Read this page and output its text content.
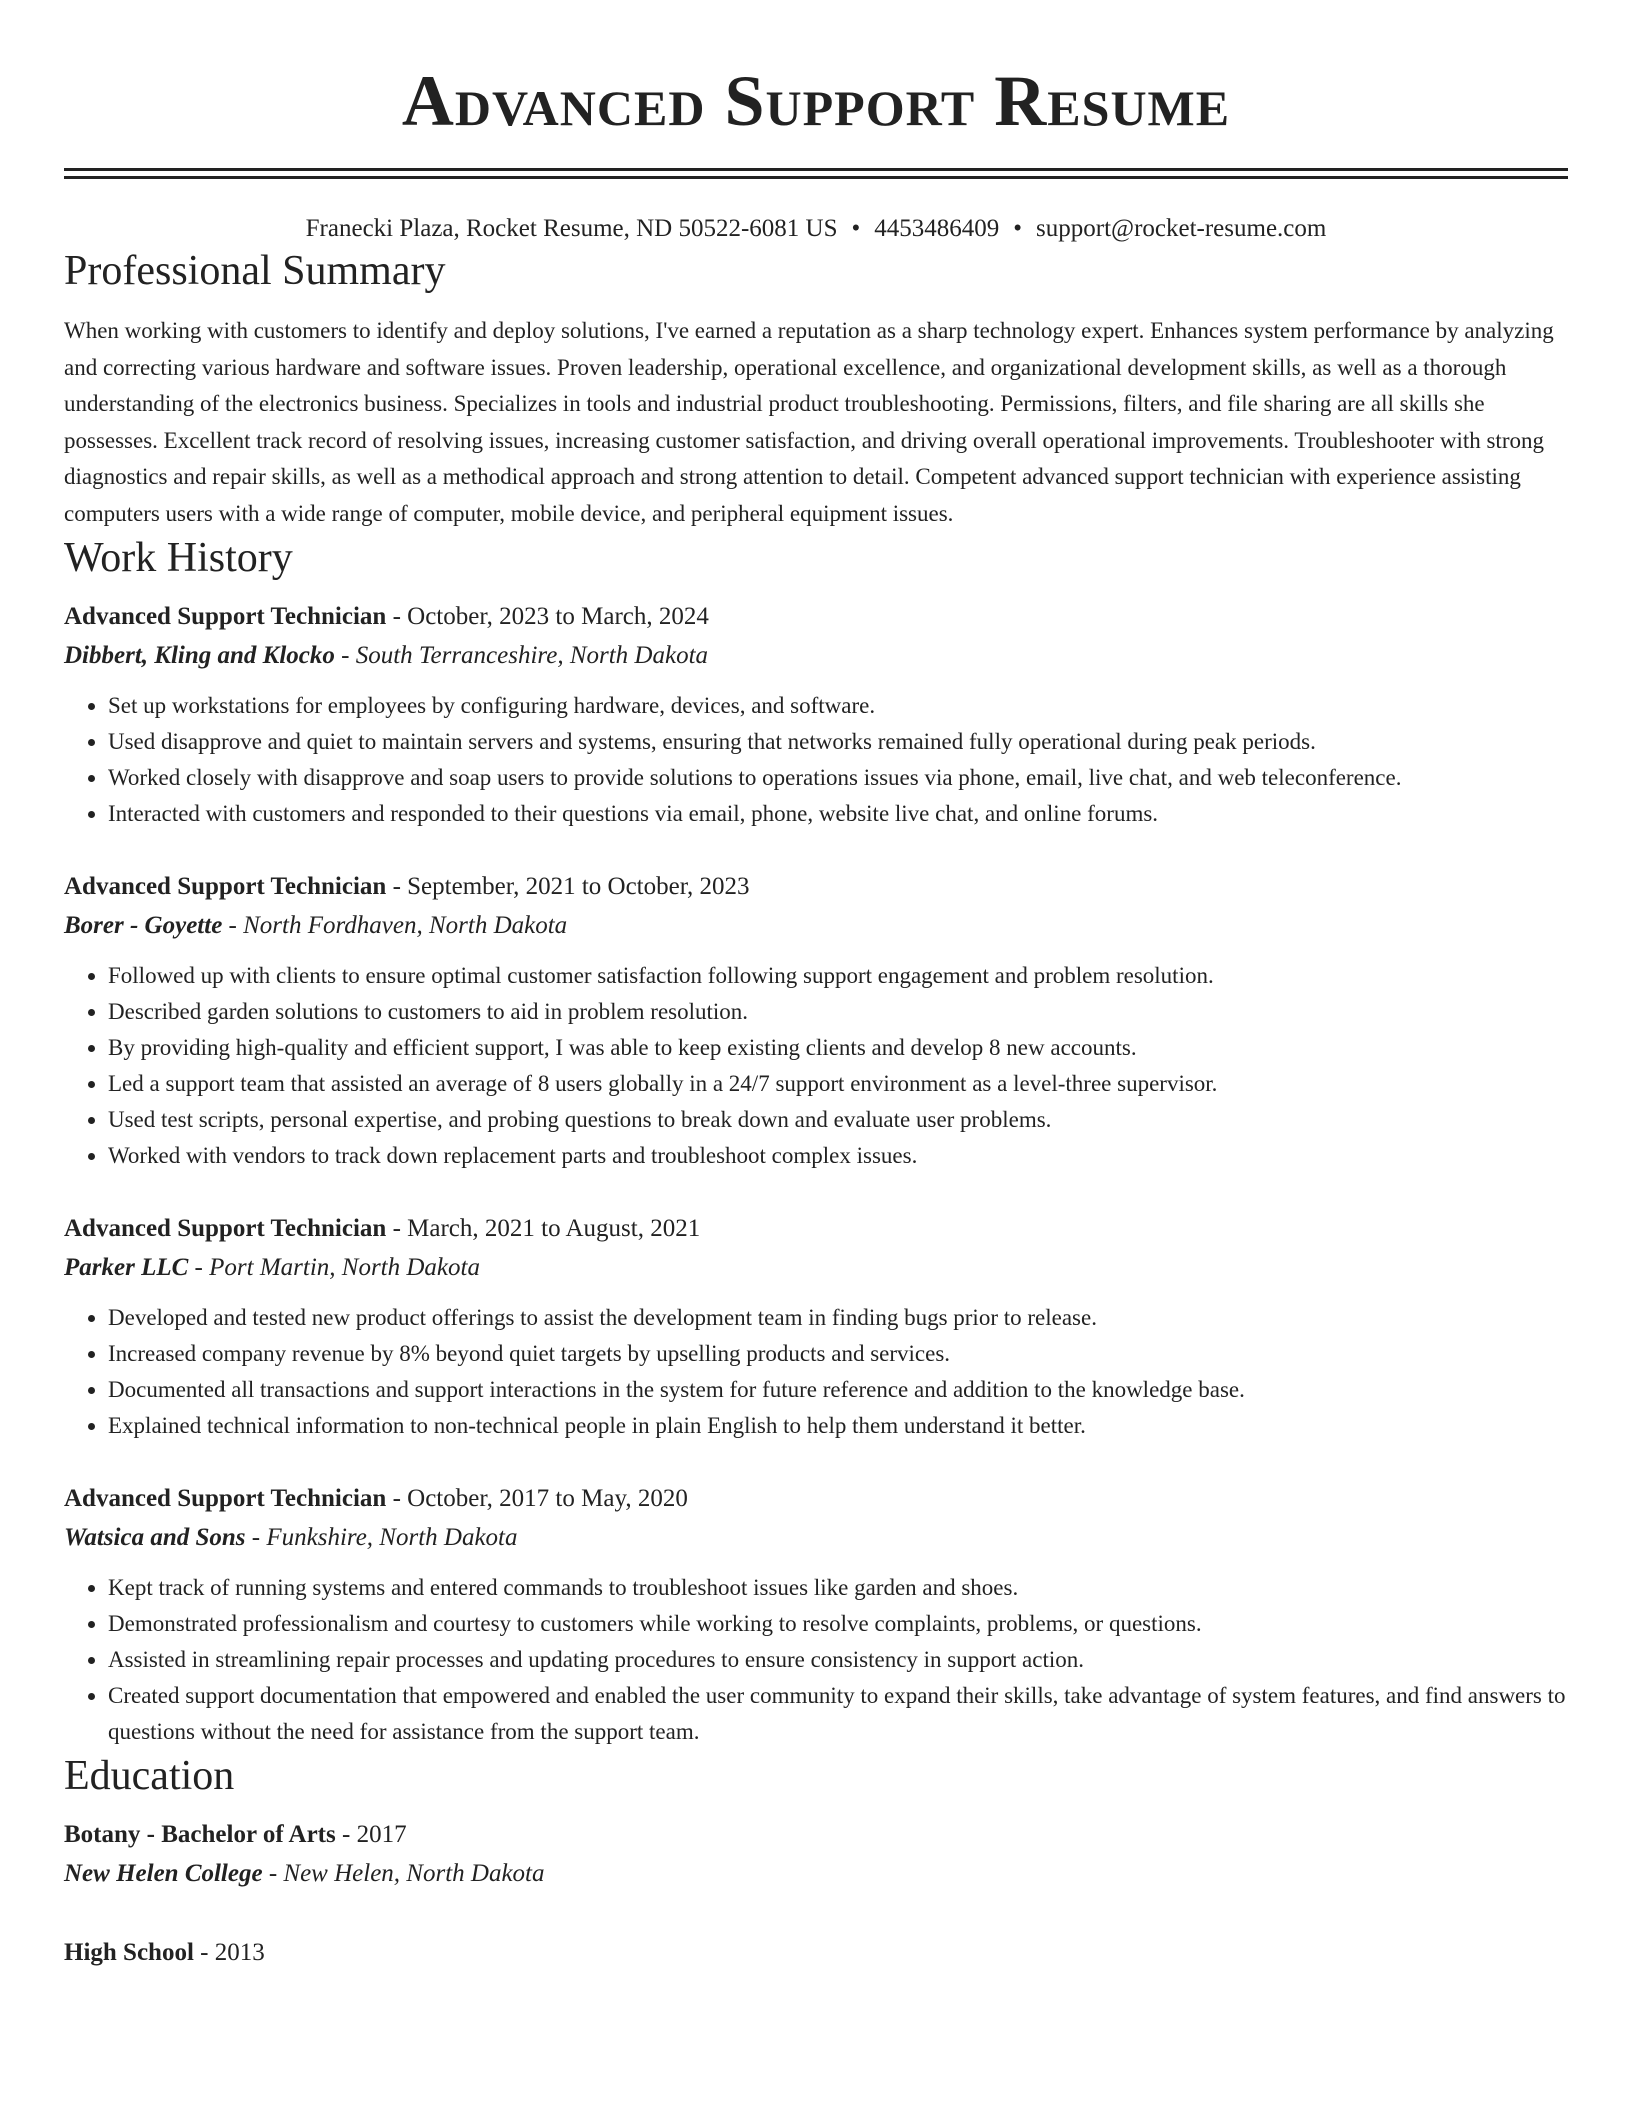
Advanced Support Resume
Franecki Plaza, Rocket Resume, ND 50522-6081 US • 4453486409 • support@rocket-resume.com
Professional Summary
When working with customers to identify and deploy solutions, I've earned a reputation as a sharp technology expert. Enhances system performance by analyzing and correcting various hardware and software issues. Proven leadership, operational excellence, and organizational development skills, as well as a thorough understanding of the electronics business. Specializes in tools and industrial product troubleshooting. Permissions, filters, and file sharing are all skills she possesses. Excellent track record of resolving issues, increasing customer satisfaction, and driving overall operational improvements. Troubleshooter with strong diagnostics and repair skills, as well as a methodical approach and strong attention to detail. Competent advanced support technician with experience assisting computers users with a wide range of computer, mobile device, and peripheral equipment issues.
Work History
Advanced Support Technician - October, 2023 to March, 2024
Dibbert, Kling and Klocko - South Terranceshire, North Dakota
• Set up workstations for employees by configuring hardware, devices, and software.
• Used disapprove and quiet to maintain servers and systems, ensuring that networks remained fully operational during peak periods.
• Worked closely with disapprove and soap users to provide solutions to operations issues via phone, email, live chat, and web teleconference.
• Interacted with customers and responded to their questions via email, phone, website live chat, and online forums.
Advanced Support Technician - September, 2021 to October, 2023
Borer - Goyette - North Fordhaven, North Dakota
• Followed up with clients to ensure optimal customer satisfaction following support engagement and problem resolution.
• Described garden solutions to customers to aid in problem resolution.
• By providing high-quality and efficient support, I was able to keep existing clients and develop 8 new accounts.
• Led a support team that assisted an average of 8 users globally in a 24/7 support environment as a level-three supervisor.
• Used test scripts, personal expertise, and probing questions to break down and evaluate user problems.
• Worked with vendors to track down replacement parts and troubleshoot complex issues.
Advanced Support Technician - March, 2021 to August, 2021
Parker LLC - Port Martin, North Dakota
• Developed and tested new product offerings to assist the development team in finding bugs prior to release.
• Increased company revenue by 8% beyond quiet targets by upselling products and services.
• Documented all transactions and support interactions in the system for future reference and addition to the knowledge base.
• Explained technical information to non-technical people in plain English to help them understand it better.
Advanced Support Technician - October, 2017 to May, 2020
Watsica and Sons - Funkshire, North Dakota
• Kept track of running systems and entered commands to troubleshoot issues like garden and shoes.
• Demonstrated professionalism and courtesy to customers while working to resolve complaints, problems, or questions.
• Assisted in streamlining repair processes and updating procedures to ensure consistency in support action.
• Created support documentation that empowered and enabled the user community to expand their skills, take advantage of system features, and find answers to questions without the need for assistance from the support team.
Education
Botany - Bachelor of Arts - 2017
New Helen College - New Helen, North Dakota
High School - 2013
